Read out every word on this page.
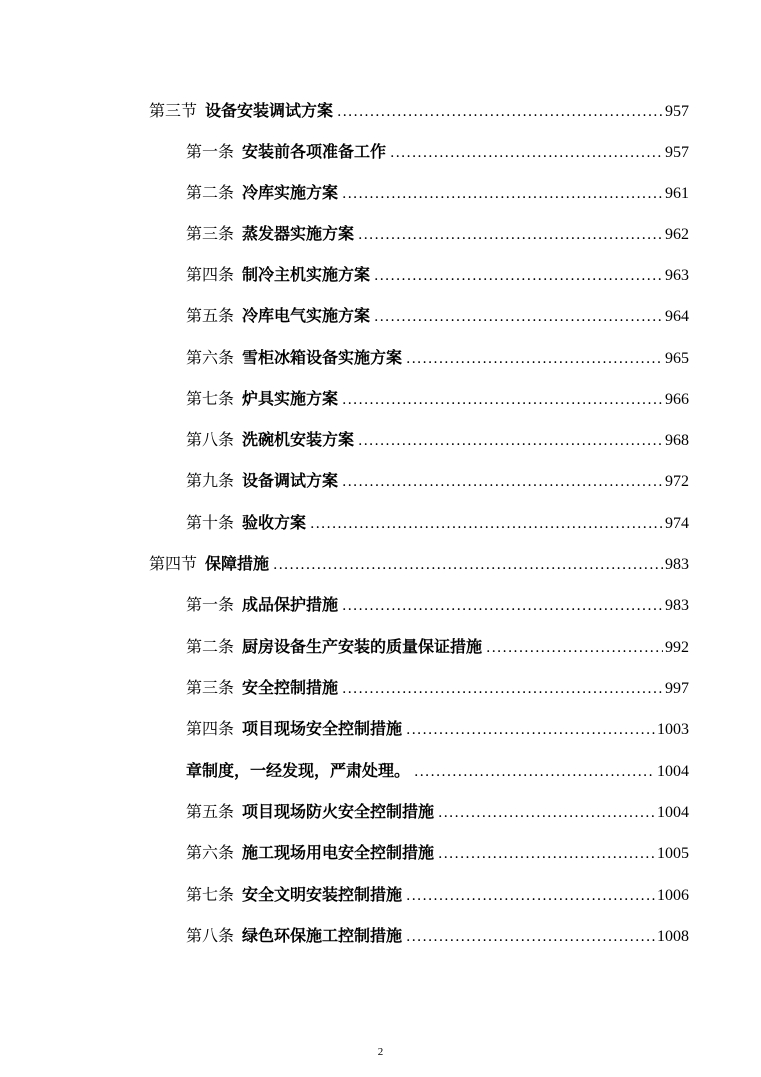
第三节 设备安装调试方案 .....	957
第一条 安装前各项准备工作 .....	957
第二条 冷库实施方案 .....	961
第三条 蒸发器实施方案 .....	962
第四条 制冷主机实施方案 .....	963
第五条 冷库电气实施方案 .....	964
第六条 雪柜冰箱设备实施方案 .....	965
第七条 炉具实施方案 .....	966
第八条 洗碗机安装方案 .....	968
第九条 设备调试方案 .....	972
第十条 验收方案 .....	974
第四节 保障措施 .....	983
第一条 成品保护措施 .....	983
第二条 厨房设备生产安装的质量保证措施 .....	992
第三条 安全控制措施 .....	997
第四条 项目现场安全控制措施 .....	1003
章制度，一经发现，严肃处理。 .....	1004
第五条 项目现场防火安全控制措施 .....	1004
第六条 施工现场用电安全控制措施 .....	1005
第七条 安全文明安装控制措施 .....	1006
第八条 绿色环保施工控制措施 .....	1008
2
